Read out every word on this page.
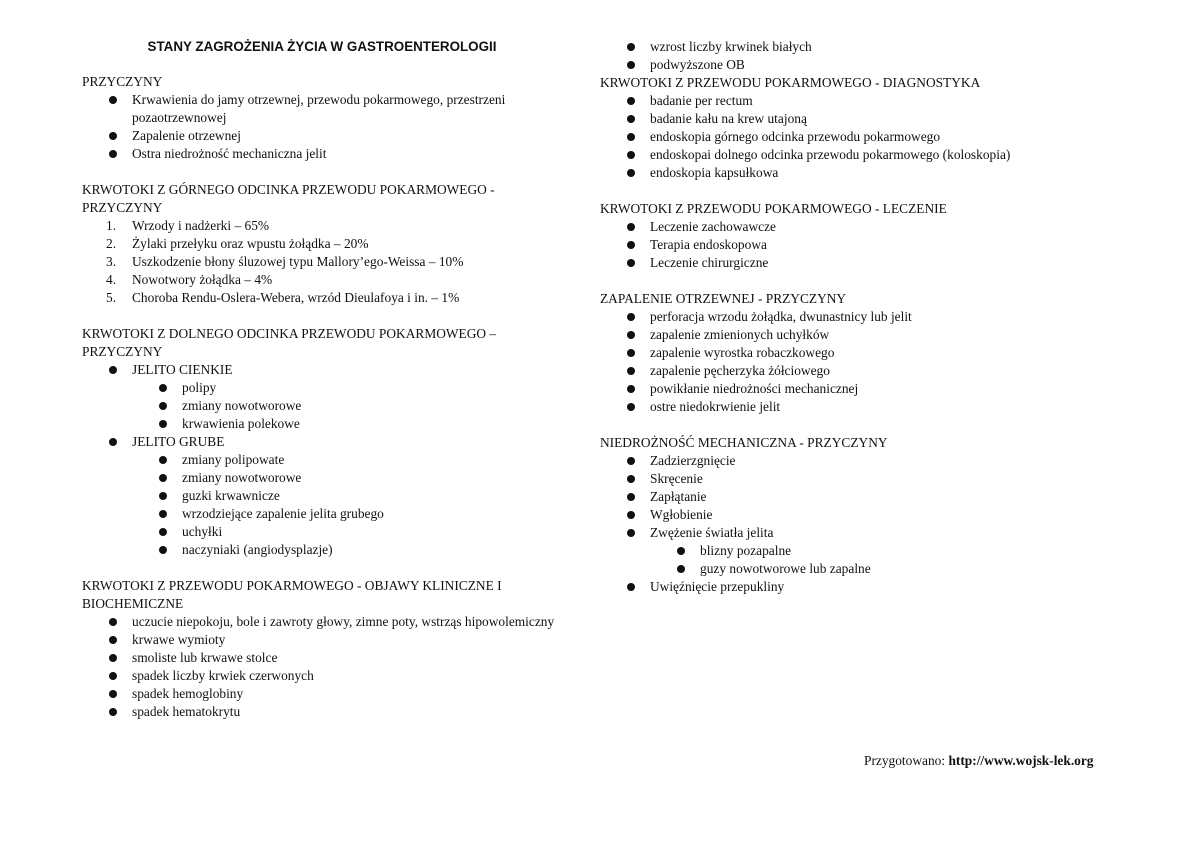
STANY ZAGROŻENIA ŻYCIA W GASTROENTEROLOGII
PRZYCZYNY
Krwawienia do jamy otrzewnej, przewodu pokarmowego, przestrzeni pozaotrzewnowej
Zapalenie otrzewnej
Ostra niedrożność mechaniczna jelit
KRWOTOKI Z GÓRNEGO ODCINKA PRZEWODU POKARMOWEGO - PRZYCZYNY
1. Wrzody i nadżerki – 65%
2. Żylaki przełyku oraz wpustu żołądka – 20%
3. Uszkodzenie błony śluzowej typu Mallory’ego-Weissa – 10%
4. Nowotwory żołądka – 4%
5. Choroba Rendu-Oslera-Webera, wrzód Dieulafoya i in. – 1%
KRWOTOKI Z DOLNEGO ODCINKA PRZEWODU POKARMOWEGO – PRZYCZYNY
JELITO CIENKIE
polipy
zmiany nowotworowe
krwawienia polekowe
JELITO GRUBE
zmiany polipowate
zmiany nowotworowe
guzki krwawnicze
wrzodziejące zapalenie jelita grubego
uchyłki
naczyniaki (angiodysplazje)
KRWOTOKI Z PRZEWODU POKARMOWEGO - OBJAWY KLINICZNE I BIOCHEMICZNE
uczucie niepokoju, bole i zawroty głowy, zimne poty, wstrząs hipowolemiczny
krwawe wymioty
smoliste lub krwawe stolce
spadek liczby krwiek czerwonych
spadek hemoglobiny
spadek hematokrytu
wzrost liczby krwinek białych
podwyższone OB
KRWOTOKI Z PRZEWODU POKARMOWEGO - DIAGNOSTYKA
badanie per rectum
badanie kału na krew utajoną
endoskopia górnego odcinka przewodu pokarmowego
endoskopai dolnego odcinka przewodu pokarmowego (koloskopia)
endoskopia kapsułkowa
KRWOTOKI Z PRZEWODU POKARMOWEGO - LECZENIE
Leczenie zachowawcze
Terapia endoskopowa
Leczenie chirurgiczne
ZAPALENIE OTRZEWNEJ - PRZYCZYNY
perforacja wrzodu żołądka, dwunastnicy lub jelit
zapalenie zmienionych uchyłków
zapalenie wyrostka robaczkowego
zapalenie pęcherzyka żółciowego
powikłanie niedrożności mechanicznej
ostre niedokrwienie jelit
NIEDROŻNOŚĆ MECHANICZNA - PRZYCZYNY
Zadzierzgnięcie
Skręcenie
Zapłątanie
Wgłobienie
Zwężenie światła jelita
blizny pozapalne
guzy nowotworowe lub zapalne
Uwięźnięcie przepukliny
Przygotowano: http://www.wojsk-lek.org
